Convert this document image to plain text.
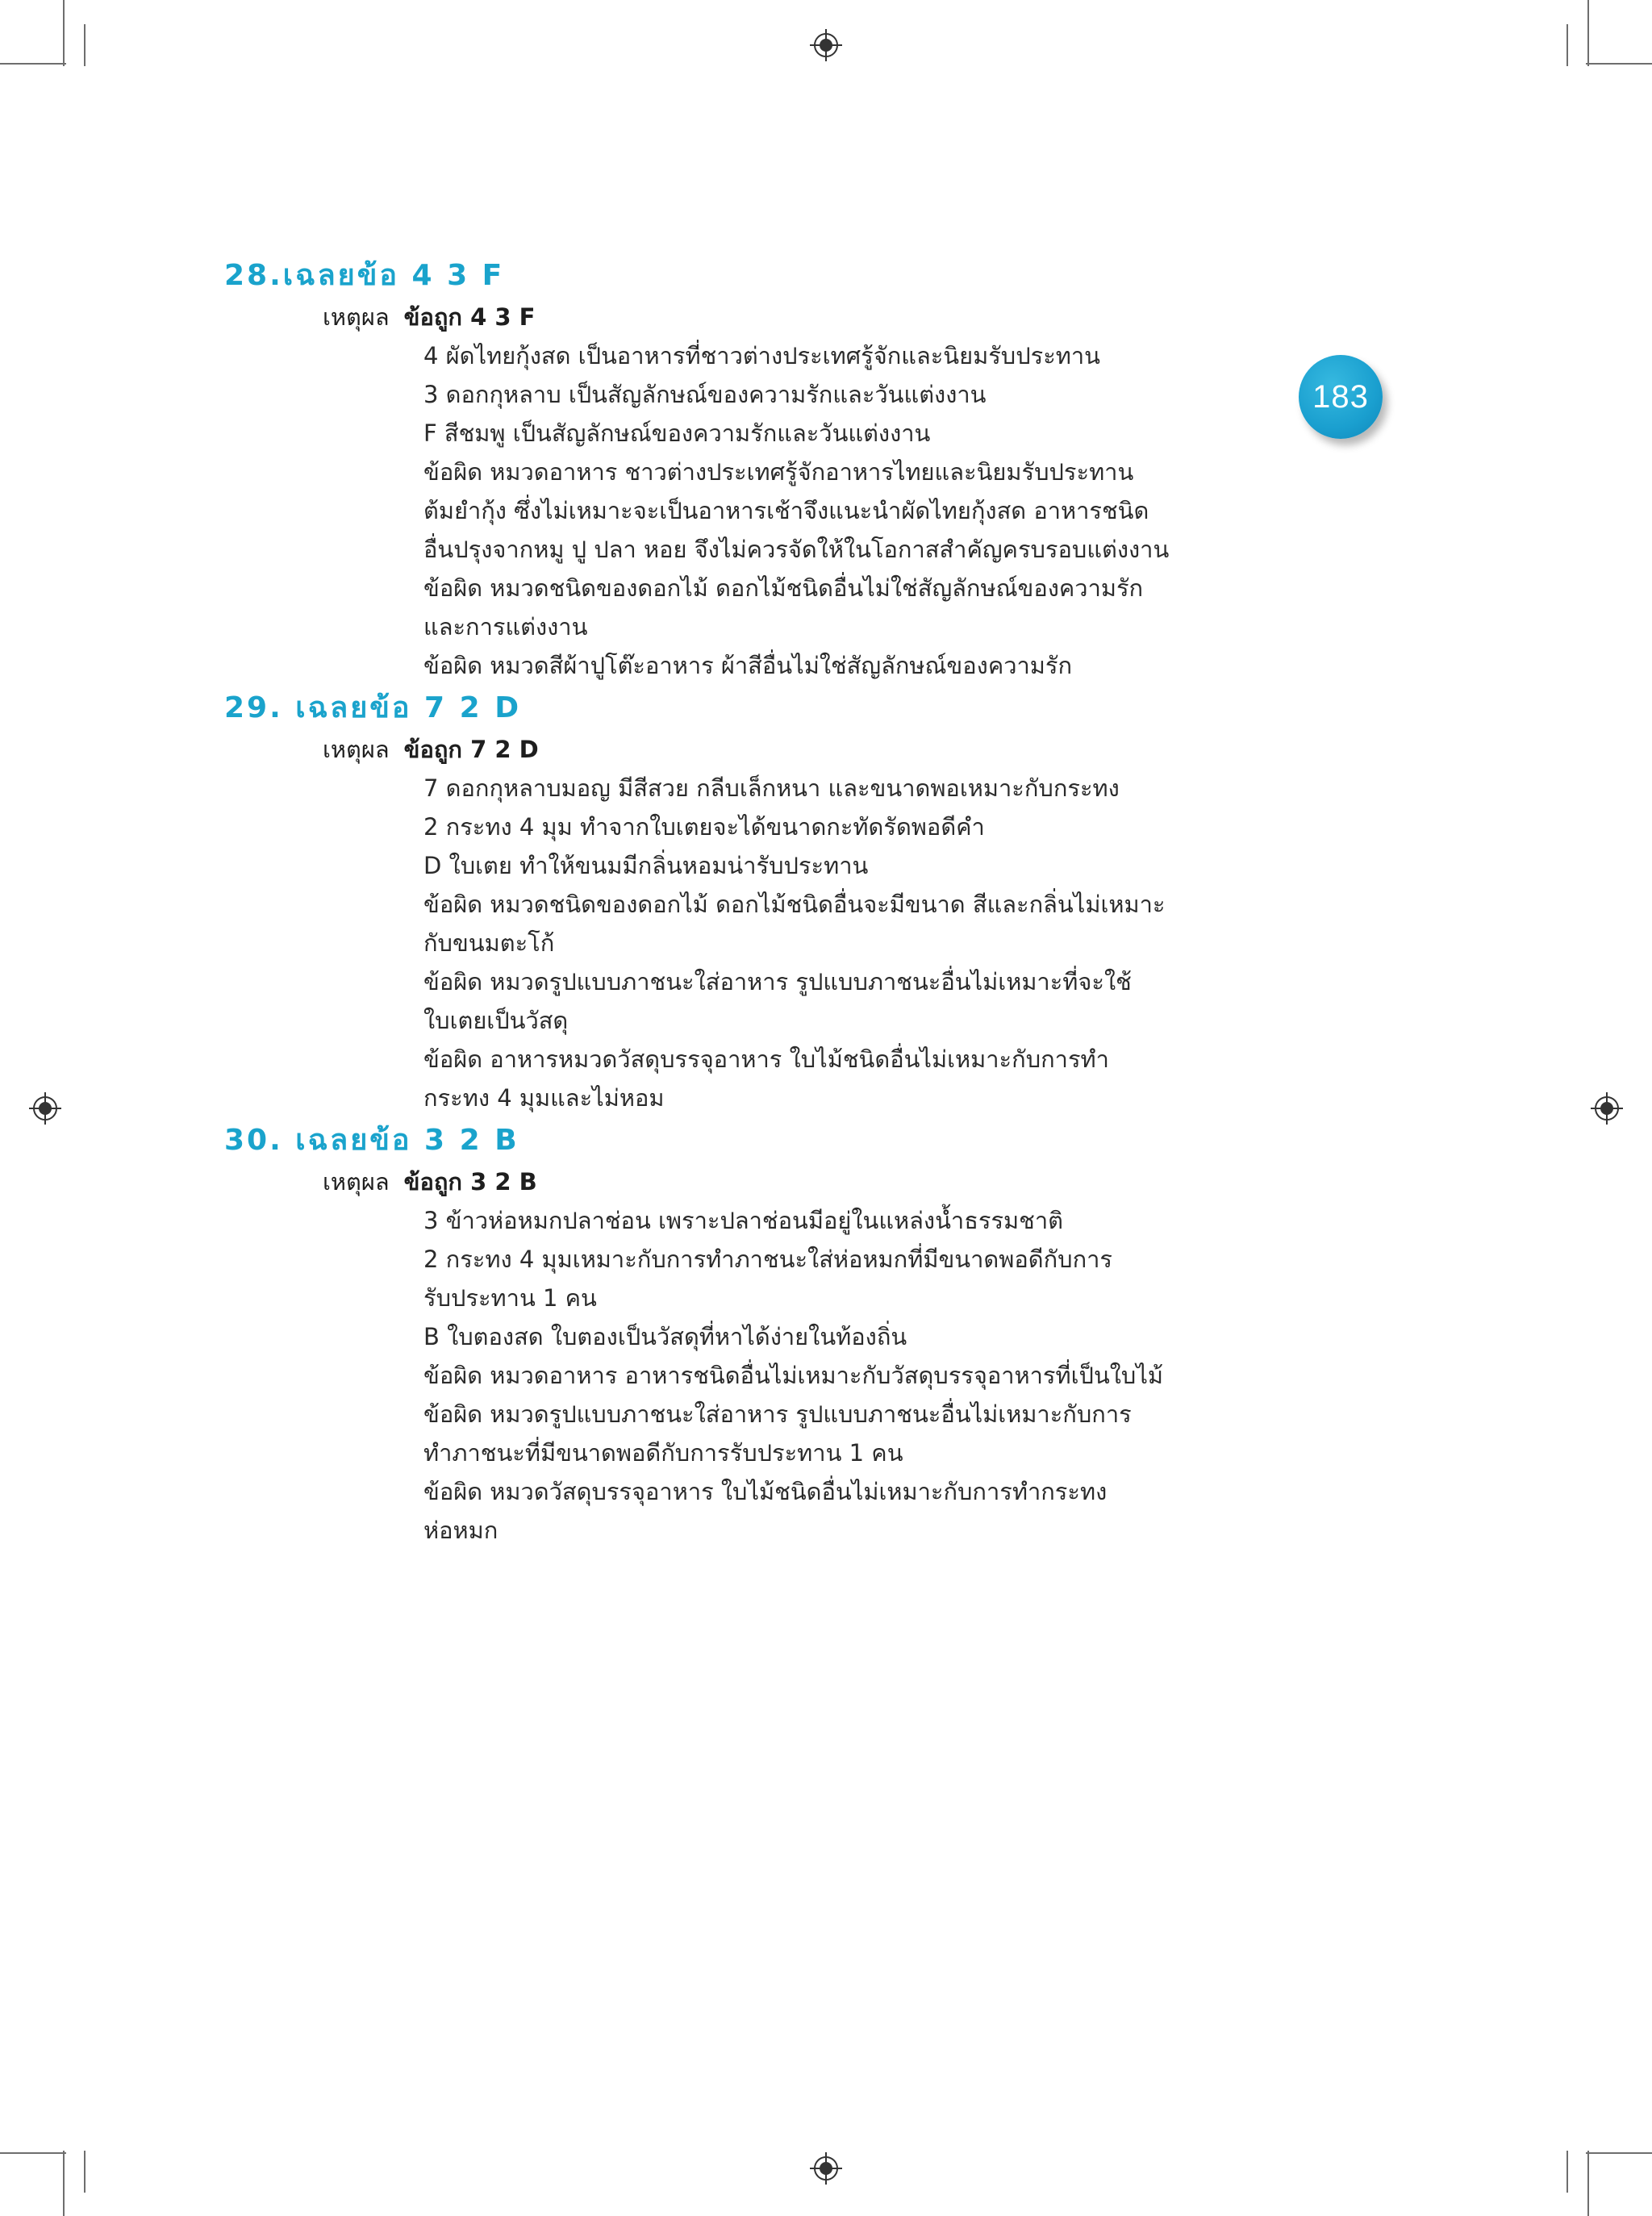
183
28.เฉลยข้อ 4 3 F
เหตุผล ข้อถูก 4 3 F
4 ผัดไทยกุ้งสด เป็นอาหารที่ชาวต่างประเทศรู้จักและนิยมรับประทาน
3 ดอกกุหลาบ เป็นสัญลักษณ์ของความรักและวันแต่งงาน
F สีชมพู เป็นสัญลักษณ์ของความรักและวันแต่งงาน
ข้อผิด หมวดอาหาร ชาวต่างประเทศรู้จักอาหารไทยและนิยมรับประทาน
ต้มยำกุ้ง ซึ่งไม่เหมาะจะเป็นอาหารเช้าจึงแนะนำผัดไทยกุ้งสด อาหารชนิด
อื่นปรุงจากหมู ปู ปลา หอย จึงไม่ควรจัดให้ในโอกาสสำคัญครบรอบแต่งงาน
ข้อผิด หมวดชนิดของดอกไม้ ดอกไม้ชนิดอื่นไม่ใช่สัญลักษณ์ของความรัก
และการแต่งงาน
ข้อผิด หมวดสีผ้าปูโต๊ะอาหาร ผ้าสีอื่นไม่ใช่สัญลักษณ์ของความรัก
29. เฉลยข้อ 7 2 D
เหตุผล ข้อถูก 7 2 D
7 ดอกกุหลาบมอญ มีสีสวย กลีบเล็กหนา และขนาดพอเหมาะกับกระทง
2 กระทง 4 มุม ทำจากใบเตยจะได้ขนาดกะทัดรัดพอดีคำ
D ใบเตย ทำให้ขนมมีกลิ่นหอมน่ารับประทาน
ข้อผิด หมวดชนิดของดอกไม้ ดอกไม้ชนิดอื่นจะมีขนาด สีและกลิ่นไม่เหมาะ
กับขนมตะโก้
ข้อผิด หมวดรูปแบบภาชนะใส่อาหาร รูปแบบภาชนะอื่นไม่เหมาะที่จะใช้
ใบเตยเป็นวัสดุ
ข้อผิด อาหารหมวดวัสดุบรรจุอาหาร ใบไม้ชนิดอื่นไม่เหมาะกับการทำ
กระทง 4 มุมและไม่หอม
30. เฉลยข้อ 3 2 B
เหตุผล ข้อถูก 3 2 B
3 ข้าวห่อหมกปลาช่อน เพราะปลาช่อนมีอยู่ในแหล่งน้ำธรรมชาติ
2 กระทง 4 มุมเหมาะกับการทำภาชนะใส่ห่อหมกที่มีขนาดพอดีกับการ
รับประทาน 1 คน
B ใบตองสด ใบตองเป็นวัสดุที่หาได้ง่ายในท้องถิ่น
ข้อผิด หมวดอาหาร อาหารชนิดอื่นไม่เหมาะกับวัสดุบรรจุอาหารที่เป็นใบไม้
ข้อผิด หมวดรูปแบบภาชนะใส่อาหาร รูปแบบภาชนะอื่นไม่เหมาะกับการ
ทำภาชนะที่มีขนาดพอดีกับการรับประทาน 1 คน
ข้อผิด หมวดวัสดุบรรจุอาหาร ใบไม้ชนิดอื่นไม่เหมาะกับการทำกระทง
ห่อหมก
